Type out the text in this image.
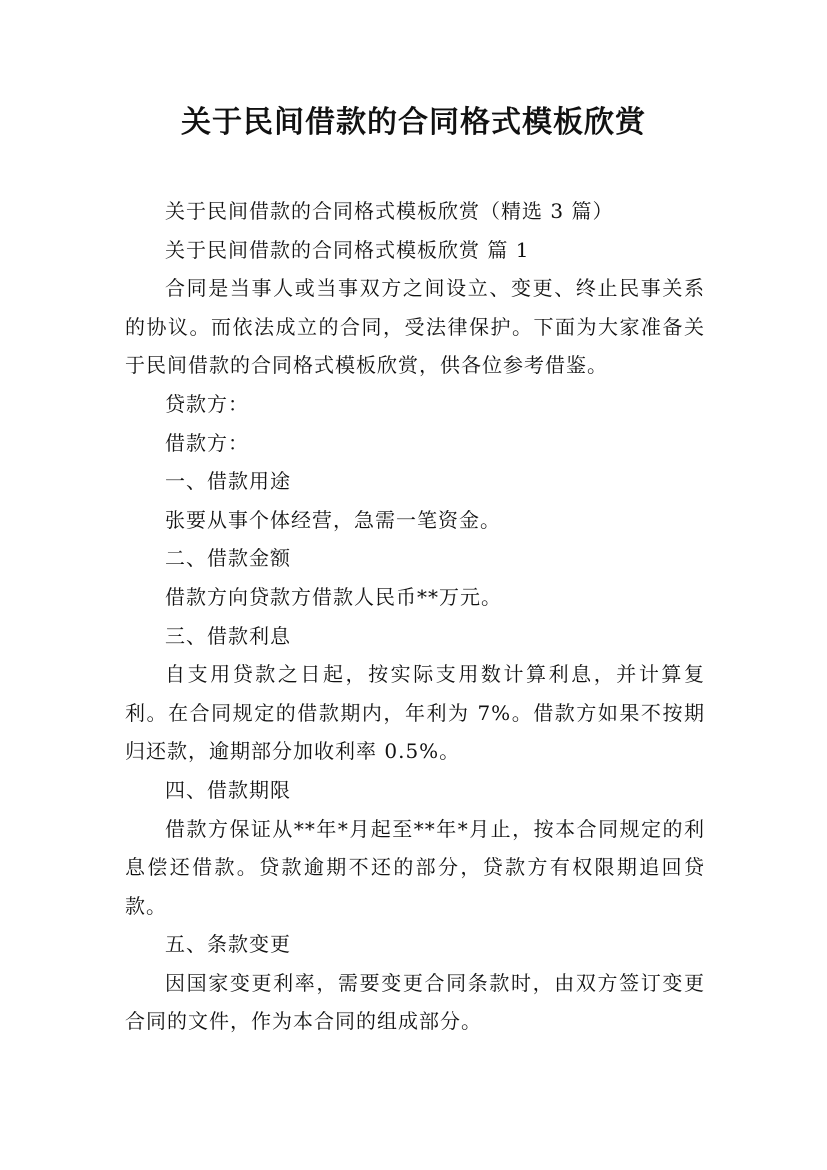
关于民间借款的合同格式模板欣赏

关于民间借款的合同格式模板欣赏（精选 3 篇）

关于民间借款的合同格式模板欣赏 篇 1

合同是当事人或当事双方之间设立、变更、终止民事关系的协议。而依法成立的合同，受法律保护。下面为大家准备关于民间借款的合同格式模板欣赏，供各位参考借鉴。

贷款方：

借款方：

一、借款用途

张要从事个体经营，急需一笔资金。

二、借款金额

借款方向贷款方借款人民币**万元。

三、借款利息

自支用贷款之日起，按实际支用数计算利息，并计算复利。在合同规定的借款期内，年利为 7%。借款方如果不按期归还款，逾期部分加收利率 0.5%。

四、借款期限

借款方保证从**年*月起至**年*月止，按本合同规定的利息偿还借款。贷款逾期不还的部分，贷款方有权限期追回贷款。

五、条款变更

因国家变更利率，需要变更合同条款时，由双方签订变更合同的文件，作为本合同的组成部分。
